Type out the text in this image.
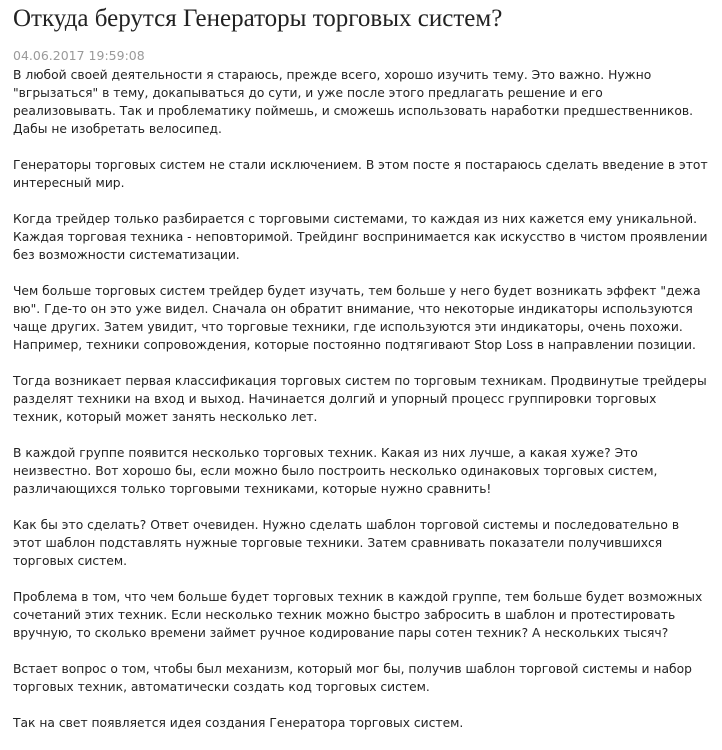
Откуда берутся Генераторы торговых систем?
04.06.2017 19:59:08

В любой своей деятельности я стараюсь, прежде всего, хорошо изучить тему. Это важно. Нужно "вгрызаться" в тему, докапываться до сути, и уже после этого предлагать решение и его реализовывать. Так и проблематику поймешь, и сможешь использовать наработки предшественников. Дабы не изобретать велосипед.

Генераторы торговых систем не стали исключением. В этом посте я постараюсь сделать введение в этот интересный мир.

Когда трейдер только разбирается с торговыми системами, то каждая из них кажется ему уникальной. Каждая торговая техника - неповторимой. Трейдинг воспринимается как искусство в чистом проявлении без возможности систематизации.

Чем больше торговых систем трейдер будет изучать, тем больше у него будет возникать эффект "дежа вю". Где-то он это уже видел. Сначала он обратит внимание, что некоторые индикаторы используются чаще других. Затем увидит, что торговые техники, где используются эти индикаторы, очень похожи. Например, техники сопровождения, которые постоянно подтягивают Stop Loss в направлении позиции.

Тогда возникает первая классификация торговых систем по торговым техникам. Продвинутые трейдеры разделят техники на вход и выход. Начинается долгий и упорный процесс группировки торговых техник, который может занять несколько лет.

В каждой группе появится несколько торговых техник. Какая из них лучше, а какая хуже? Это неизвестно. Вот хорошо бы, если можно было построить несколько одинаковых торговых систем, различающихся только торговыми техниками, которые нужно сравнить!

Как бы это сделать? Ответ очевиден. Нужно сделать шаблон торговой системы и последовательно в этот шаблон подставлять нужные торговые техники. Затем сравнивать показатели получившихся торговых систем.

Проблема в том, что чем больше будет торговых техник в каждой группе, тем больше будет возможных сочетаний этих техник. Если несколько техник можно быстро забросить в шаблон и протестировать вручную, то сколько времени займет ручное кодирование пары сотен техник? А нескольких тысяч?

Встает вопрос о том, чтобы был механизм, который мог бы, получив шаблон торговой системы и набор торговых техник, автоматически создать код торговых систем.

Так на свет появляется идея создания Генератора торговых систем.
